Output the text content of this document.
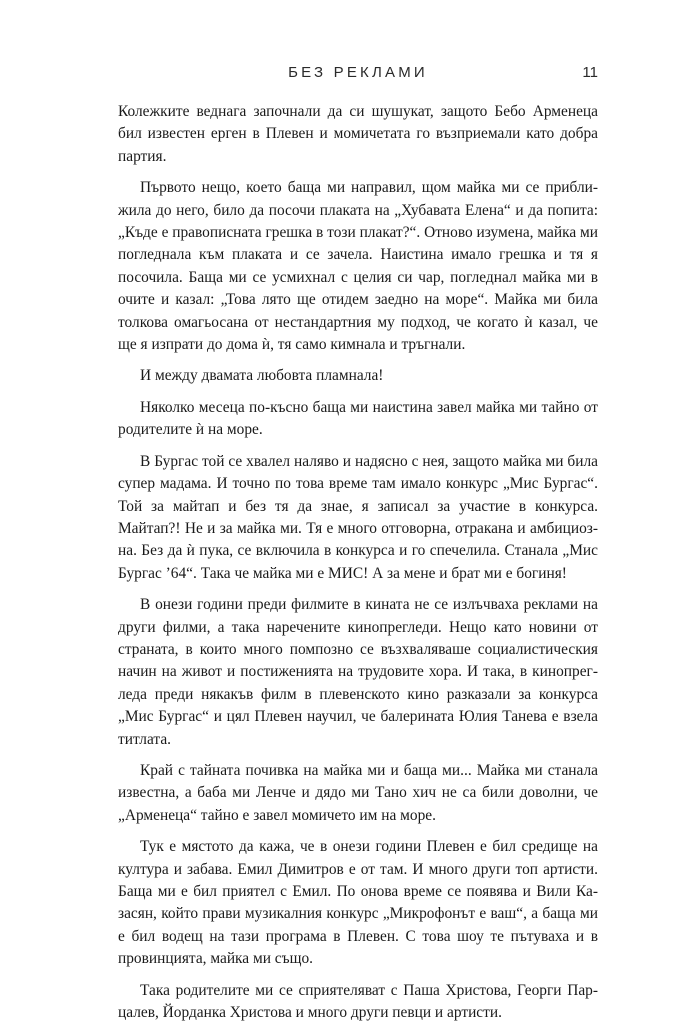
БЕЗ РЕКЛАМИ	11

Колежките веднага започнали да си шушукат, защото Бебо Арменеца бил известен ерген в Плевен и момичетата го възприемали като добра партия.

Първото нещо, което баща ми направил, щом майка ми се приближила до него, било да посочи плаката на „Хубавата Елена“ и да попита: „Къде е правописната грешка в този плакат?“. Отново изумена, майка ми погледнала към плаката и се зачела. Наистина имало грешка и тя я посочила. Баща ми се усмихнал с целия си чар, погледнал майка ми в очите и казал: „Това лято ще отидем заедно на море“. Майка ми била толкова омагьосана от нестандартния му подход, че когато ѝ казал, че ще я изпрати до дома ѝ, тя само кимнала и тръгнали.

И между двамата любовта пламнала!

Няколко месеца по-късно баща ми наистина завел майка ми тайно от родителите ѝ на море.

В Бургас той се хвалел наляво и надясно с нея, защото майка ми била супер мадама. И точно по това време там имало конкурс „Мис Бургас“. Той за майтап и без тя да знае, я записал за участие в конкурса. Майтап?! Не и за майка ми. Тя е много отговорна, отракана и амбициозна. Без да ѝ пука, се включила в конкурса и го спечелила. Станала „Мис Бургас ’64“. Така че майка ми е МИС! А за мене и брат ми е богиня!

В онези години преди филмите в кината не се излъчваха реклами на други филми, а така наречените кинопрегледи. Нещо като новини от страната, в които много помпозно се възхваляваше социалистическия начин на живот и постиженията на трудовите хора. И така, в кинопрегледа преди някакъв филм в плевенското кино разказали за конкурса „Мис Бургас“ и цял Плевен научил, че балерината Юлия Танева е взела титлата.

Край с тайната почивка на майка ми и баща ми... Майка ми станала известна, а баба ми Ленче и дядо ми Тано хич не са били доволни, че „Арменеца“ тайно е завел момичето им на море.

Тук е мястото да кажа, че в онези години Плевен е бил средище на култура и забава. Емил Димитров е от там. И много други топ артисти. Баща ми е бил приятел с Емил. По онова време се появява и Вили Казасян, който прави музикалния конкурс „Микрофонът е ваш“, а баща ми е бил водещ на тази програма в Плевен. С това шоу те пътуваха и в провинцията, майка ми също.

Така родителите ми се сприятеляват с Паша Христова, Георги Парцалев, Йорданка Христова и много други певци и артисти.
